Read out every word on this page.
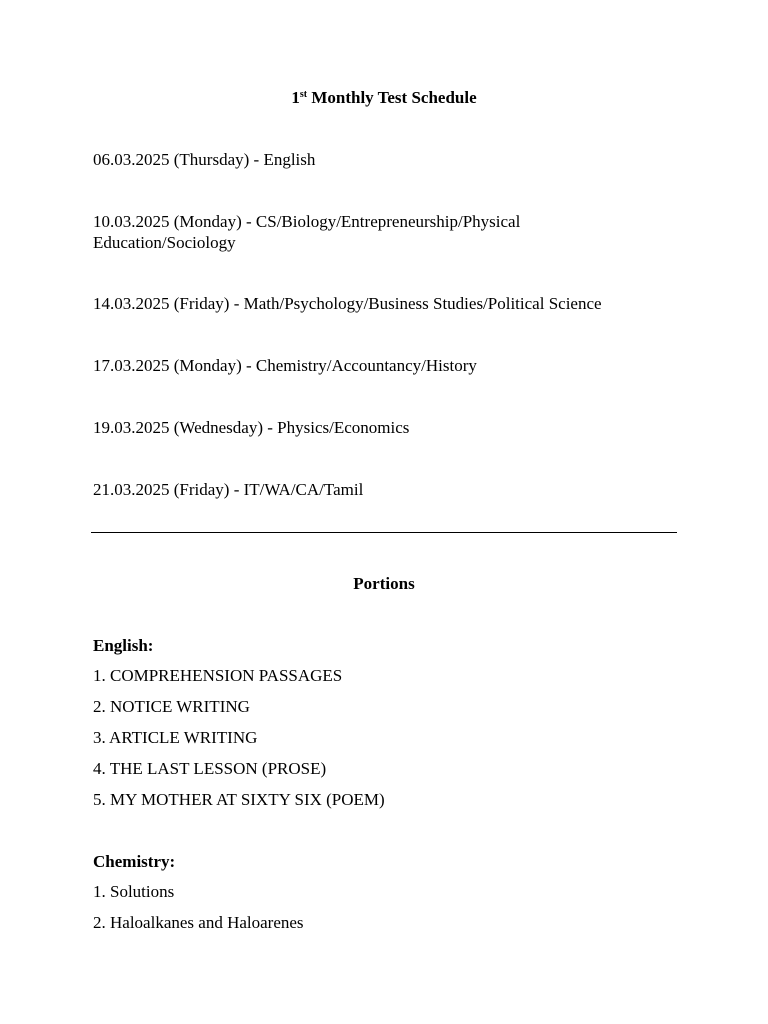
1st Monthly Test Schedule
06.03.2025 (Thursday) - English
10.03.2025 (Monday) - CS/Biology/Entrepreneurship/Physical Education/Sociology
14.03.2025 (Friday) - Math/Psychology/Business Studies/Political Science
17.03.2025 (Monday) - Chemistry/Accountancy/History
19.03.2025 (Wednesday) - Physics/Economics
21.03.2025 (Friday) - IT/WA/CA/Tamil
Portions
English:
1. COMPREHENSION PASSAGES
2. NOTICE WRITING
3. ARTICLE WRITING
4. THE LAST LESSON (PROSE)
5. MY MOTHER AT SIXTY SIX (POEM)
Chemistry:
1. Solutions
2. Haloalkanes and Haloarenes
